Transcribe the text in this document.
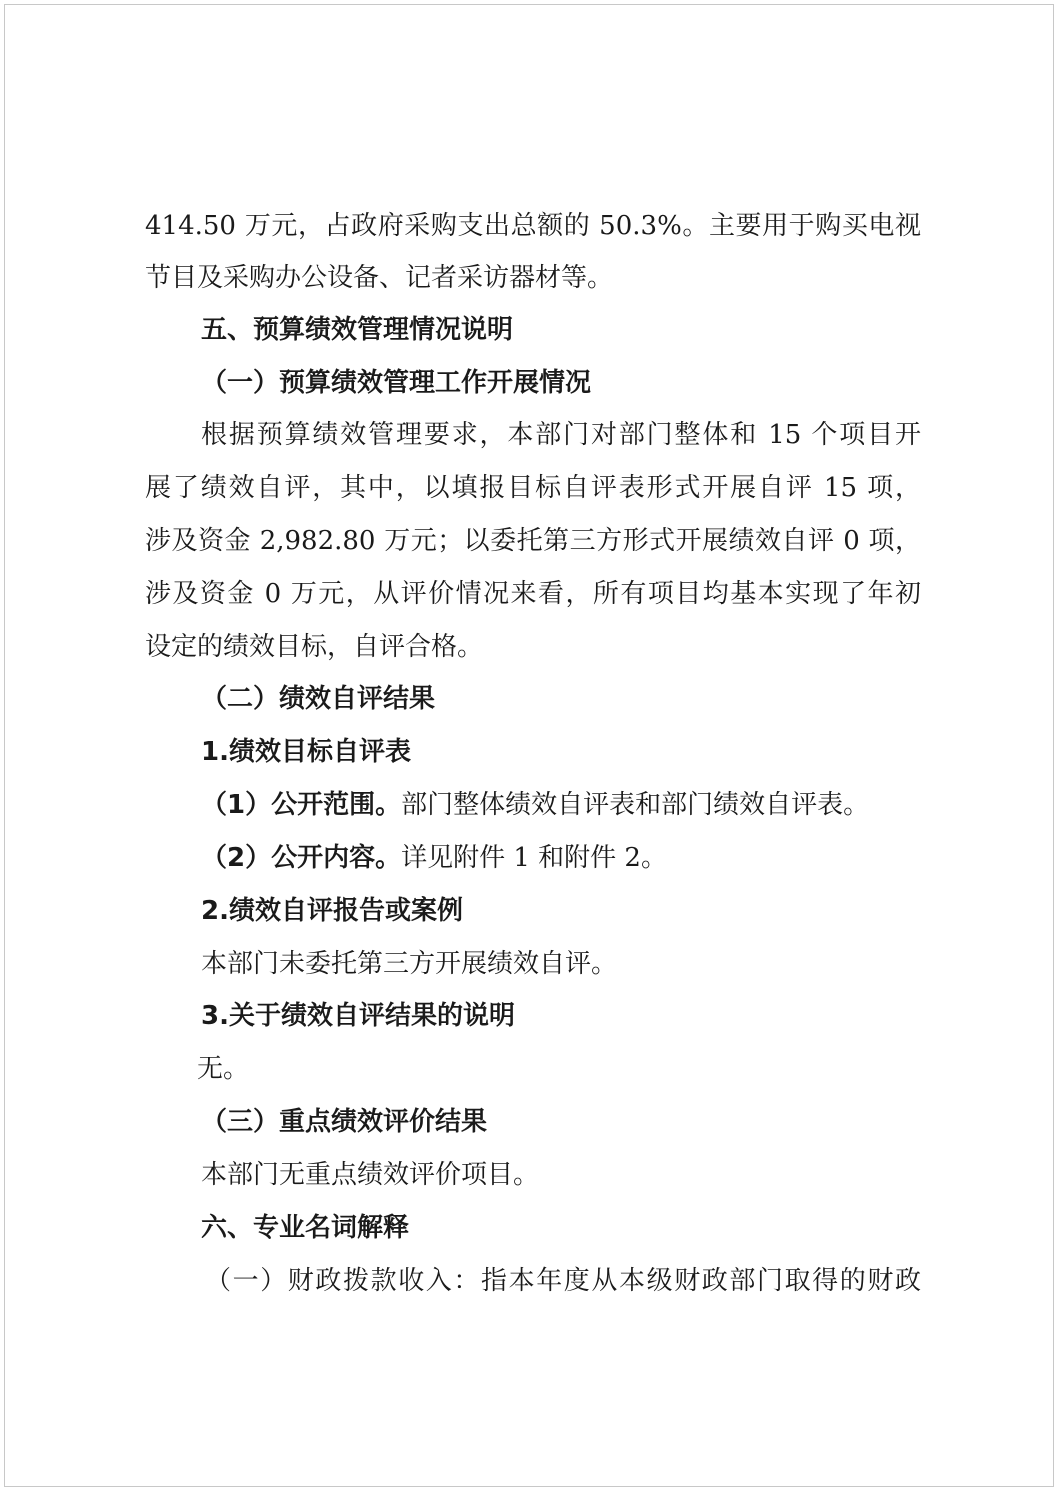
414.50 万元，占政府采购支出总额的 50.3%。主要用于购买电视
节目及采购办公设备、记者采访器材等。
五、预算绩效管理情况说明
（一）预算绩效管理工作开展情况
根据预算绩效管理要求，本部门对部门整体和 15 个项目开
展了绩效自评，其中，以填报目标自评表形式开展自评 15 项，
涉及资金 2,982.80 万元；以委托第三方形式开展绩效自评 0 项，
涉及资金 0 万元，从评价情况来看，所有项目均基本实现了年初
设定的绩效目标，自评合格。
（二）绩效自评结果
1.绩效目标自评表
（1）公开范围。部门整体绩效自评表和部门绩效自评表。
（2）公开内容。详见附件 1 和附件 2。
2.绩效自评报告或案例
本部门未委托第三方开展绩效自评。
3.关于绩效自评结果的说明
无。
（三）重点绩效评价结果
本部门无重点绩效评价项目。
六、专业名词解释
（一）财政拨款收入：指本年度从本级财政部门取得的财政
